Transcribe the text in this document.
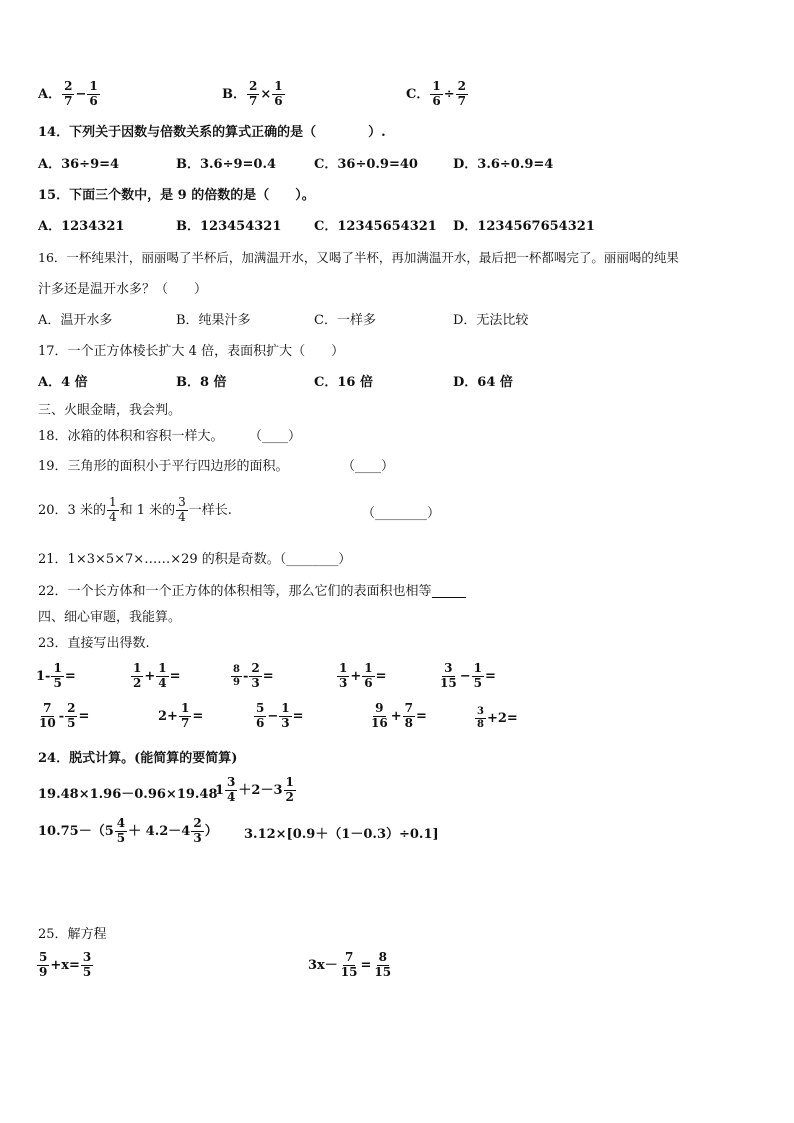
A． $\frac{2}{7} - \frac{1}{6}$	B． $\frac{2}{7} \times \frac{1}{6}$	C． $\frac{1}{6} \div \frac{2}{7}$
14．下列关于因数与倍数关系的算式正确的是（　　　　）.
A．36÷9=4	B．3.6÷9=0.4	C．36÷0.9=40	D．3.6÷0.9=4
15．下面三个数中，是 9 的倍数的是（　　）。
A．1234321	B．123454321	C．12345654321 D．1234567654321
16．一杯纯果汁，丽丽喝了半杯后，加满温开水，又喝了半杯，再加满温开水，最后把一杯都喝完了。丽丽喝的纯果
汁多还是温开水多？（　　）
A．温开水多	B．纯果汁多	C．一样多	D．无法比较
17．一个正方体棱长扩大 4 倍，表面积扩大（　　）
A．4 倍	B．8 倍	C．16 倍	D．64 倍
三、火眼金睛，我会判。
18．冰箱的体积和容积一样大。 （____）
19．三角形的面积小于平行四边形的面积。	（____）
20．3 米的 $\frac{1}{4}$ 和 1 米的 $\frac{3}{4}$ 一样长.	（________）
21．1×3×5×7×……×29 的积是奇数。（________）
22．一个长方体和一个正方体的体积相等，那么它们的表面积也相等
四、细心审题，我能算。
23．直接写出得数.
$1- \frac{1}{5}$ =	$\frac{1}{2} + \frac{1}{4}$ =	$\frac{8}{9} - \frac{2}{3}$ =	$\frac{1}{3} + \frac{1}{6}$ =	$\frac{3}{15} - \frac{1}{5}$ =
$\frac{7}{10} - \frac{2}{5}$ =	$2+ \frac{1}{7}$ =	$\frac{5}{6} - \frac{1}{3}$ =	$\frac{9}{16} + \frac{7}{8}$ =	$\frac{3}{8} +2=$
24．脱式计算。(能简算的要简算)
19.48×1.96－0.96×19.48
$1 \frac{3}{4} +2-3 \frac{1}{2}$
$10.75-(5 \frac{4}{5} + 4.2-4 \frac{2}{3}$ ） 3.12×[0.9＋（1－0.3）÷0.1]
25．解方程
$\frac{5}{9} +x= \frac{3}{5}$	$3x- \frac{7}{15} = \frac{8}{15}$
